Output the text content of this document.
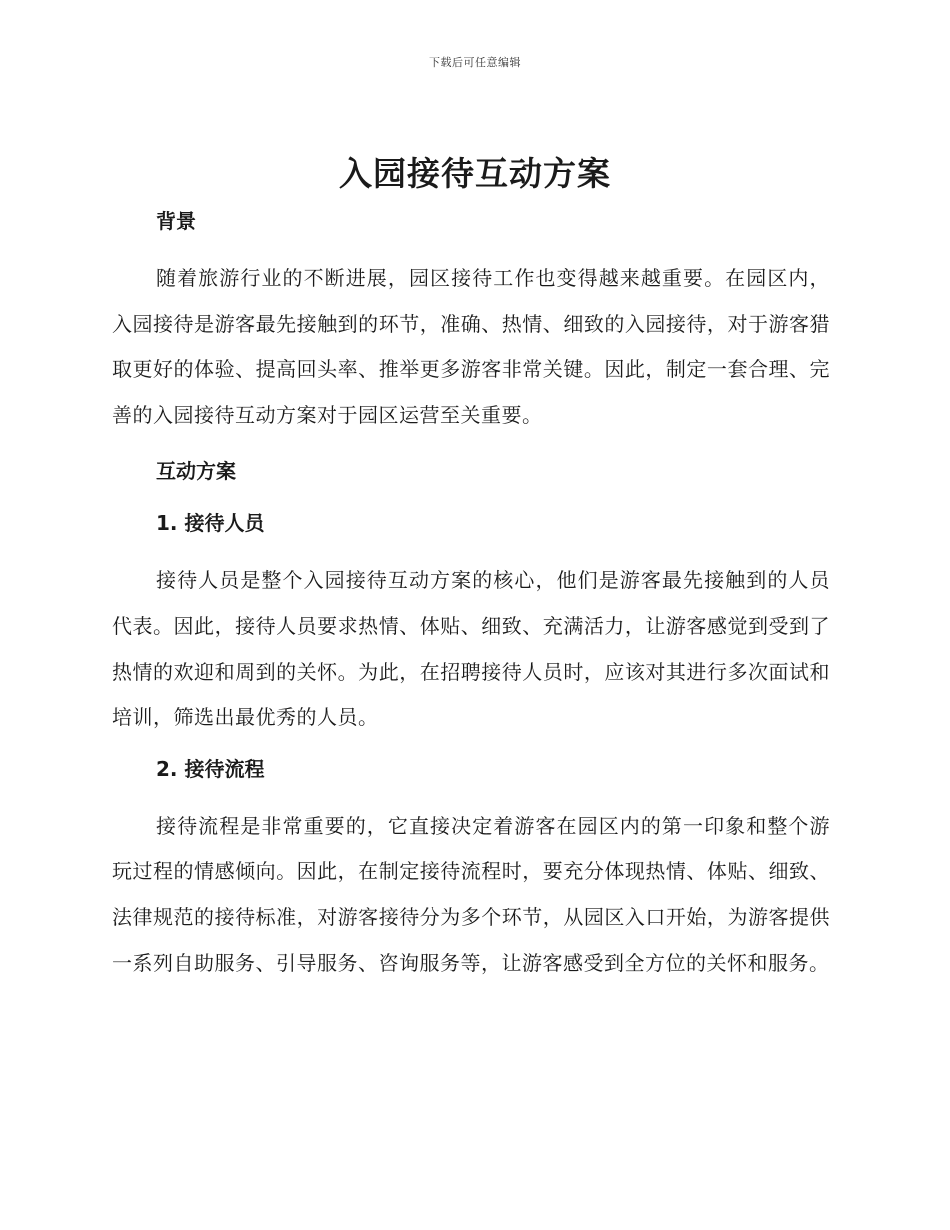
下载后可任意编辑
入园接待互动方案
背景

随着旅游行业的不断进展，园区接待工作也变得越来越重要。在园区内，入园接待是游客最先接触到的环节，准确、热情、细致的入园接待，对于游客猎取更好的体验、提高回头率、推举更多游客非常关键。因此，制定一套合理、完善的入园接待互动方案对于园区运营至关重要。

互动方案
1. 接待人员

接待人员是整个入园接待互动方案的核心，他们是游客最先接触到的人员代表。因此，接待人员要求热情、体贴、细致、充满活力，让游客感觉到受到了热情的欢迎和周到的关怀。为此，在招聘接待人员时，应该对其进行多次面试和培训，筛选出最优秀的人员。

2. 接待流程

接待流程是非常重要的，它直接决定着游客在园区内的第一印象和整个游玩过程的情感倾向。因此，在制定接待流程时，要充分体现热情、体贴、细致、法律规范的接待标准，对游客接待分为多个环节，从园区入口开始，为游客提供一系列自助服务、引导服务、咨询服务等，让游客感受到全方位的关怀和服务。
